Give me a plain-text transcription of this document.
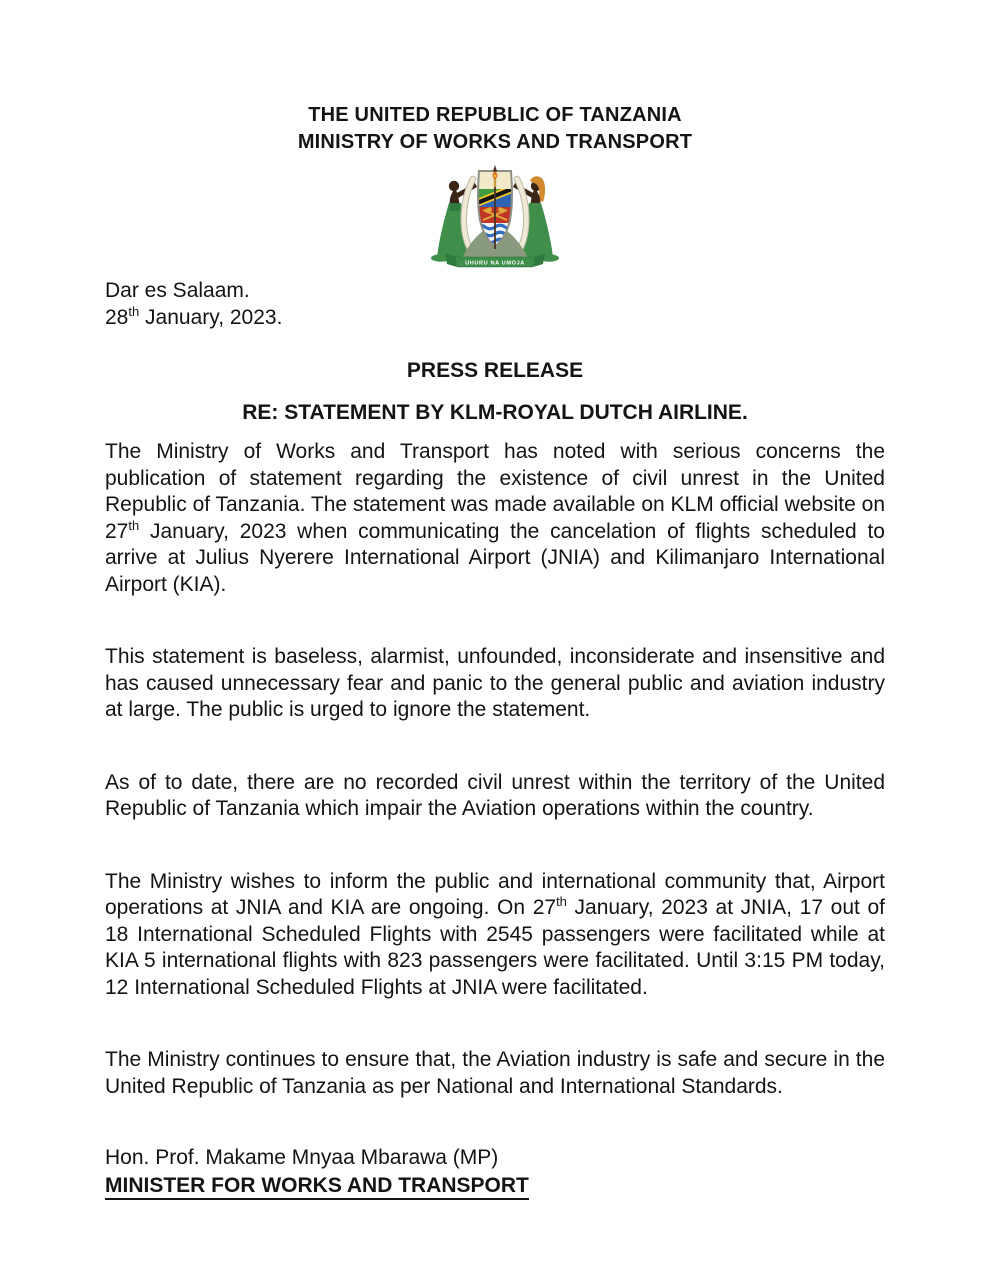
THE UNITED REPUBLIC OF TANZANIA
MINISTRY OF WORKS AND TRANSPORT
UHURU NA UMOJA
Dar es Salaam.
28th January, 2023.
PRESS RELEASE
RE: STATEMENT BY KLM-ROYAL DUTCH AIRLINE.

The Ministry of Works and Transport has noted with serious concerns the publication of statement regarding the existence of civil unrest in the United Republic of Tanzania. The statement was made available on KLM official website on 27th January, 2023 when communicating the cancelation of flights scheduled to arrive at Julius Nyerere International Airport (JNIA) and Kilimanjaro International Airport (KIA).

This statement is baseless, alarmist, unfounded, inconsiderate and insensitive and has caused unnecessary fear and panic to the general public and aviation industry at large. The public is urged to ignore the statement.

As of to date, there are no recorded civil unrest within the territory of the United Republic of Tanzania which impair the Aviation operations within the country.

The Ministry wishes to inform the public and international community that, Airport operations at JNIA and KIA are ongoing. On 27th January, 2023 at JNIA, 17 out of 18 International Scheduled Flights with 2545 passengers were facilitated while at KIA 5 international flights with 823 passengers were facilitated. Until 3:15 PM today, 12 International Scheduled Flights at JNIA were facilitated.

The Ministry continues to ensure that, the Aviation industry is safe and secure in the United Republic of Tanzania as per National and International Standards.

Hon. Prof. Makame Mnyaa Mbarawa (MP)
MINISTER FOR WORKS AND TRANSPORT
